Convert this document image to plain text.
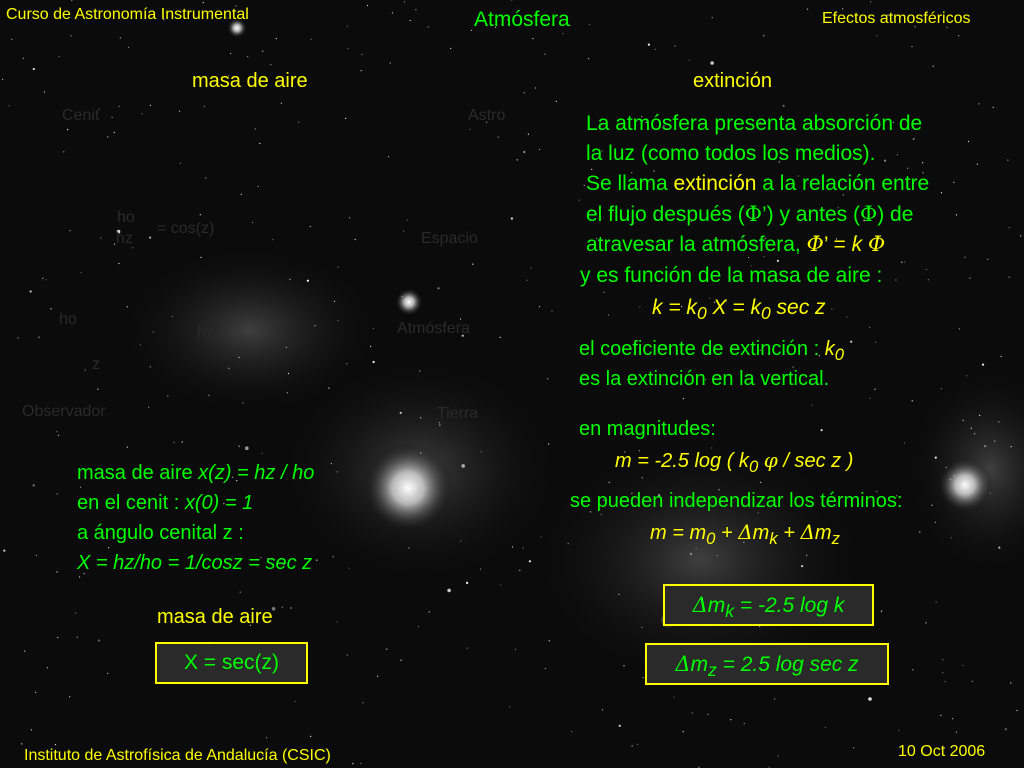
Curso de Astronomía Instrumental	Atmósfera	Efectos atmosféricos
masa de aire
Cenit	Astro
ho
hz
= cos(z)
Espacio
ho
hz	Atmósfera
z
Observador	Tierra
masa de aire x(z) = hz / ho
en el cenit : x(0) = 1
a ángulo cenital z :
X = hz/ho = 1/cosz = sec z
masa de aire
X = sec(z)
extinción
La atmósfera presenta absorción de
la luz (como todos los medios).
Se llama extinción a la relación entre
el flujo después (Φ’) y antes (Φ) de
atravesar la atmósfera, Φ’ = k Φ
y es función de la masa de aire :
$k = k_0$ $X = k_0$ sec z
el coeficiente de extinción : $k_0$
es la extinción en la vertical.
en magnitudes:
m = -2.5 log ( $k_0$ φ / sec z )
se pueden independizar los términos:
$m = m_0 + \Delta m_k + \Delta m_z$
$\Delta m_k = -2.5$ log k
$\Delta m_z = 2.5$ log sec z
Instituto de Astrofísica de Andalucía (CSIC)	10 Oct 2006
